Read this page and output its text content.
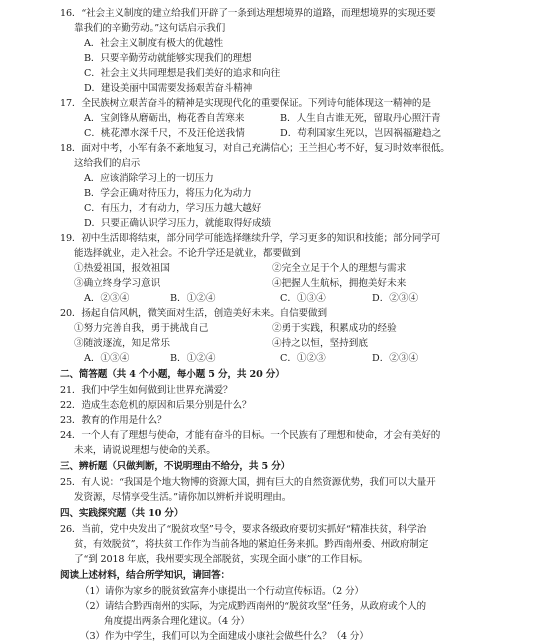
16．“社会主义制度的建立给我们开辟了一条到达理想境界的道路，而理想境界的实现还要
靠我们的辛勤劳动。”这句话启示我们
A．社会主义制度有极大的优越性
B．只要辛勤劳动就能够实现我们的理想
C．社会主义共同理想是我们美好的追求和向往
D．建设美丽中国需要发扬艰苦奋斗精神
17．全民族树立艰苦奋斗的精神是实现现代化的重要保证。下列诗句能体现这一精神的是
A．宝剑锋从磨砺出，梅花香自苦寒来	B．人生自古谁无死，留取丹心照汗青
C．桃花潭水深千尺，不及汪伦送我情	D．苟利国家生死以，岂因祸福避趋之
18．面对中考，小军有条不紊地复习，对自己充满信心；王兰担心考不好，复习时效率很低。
这给我们的启示
A．应该消除学习上的一切压力
B．学会正确对待压力，将压力化为动力
C．有压力，才有动力，学习压力越大越好
D．只要正确认识学习压力，就能取得好成绩
19．初中生活即将结束，部分同学可能选择继续升学，学习更多的知识和技能；部分同学可
能选择就业，走入社会。不论升学还是就业，都要做到
①热爱祖国，报效祖国	②完全立足于个人的理想与需求
③确立终身学习意识	④把握人生航标，拥抱美好未来
A．②③④	B．①②④	C．①③④	D．②③④
20．扬起自信风帆，微笑面对生活，创造美好未来。自信要做到
①努力完善自我，勇于挑战自己	②勇于实践，积累成功的经验
③随波逐流，知足常乐	④持之以恒，坚持到底
A．①③④	B．①②④	C．①②③	D．②③④
二、简答题（共 4 个小题，每小题 5 分，共 20 分）
21．我们中学生如何做到让世界充满爱？
22．造成生态危机的原因和后果分别是什么？
23．教育的作用是什么？
24．一个人有了理想与使命，才能有奋斗的目标。一个民族有了理想和使命，才会有美好的
未来，请说说理想与使命的关系。
三、辨析题（只做判断，不说明理由不给分，共 5 分）
25．有人说：“我国是个地大物博的资源大国，拥有巨大的自然资源优势，我们可以大量开
发资源，尽情享受生活。”请你加以辨析并说明理由。
四、实践探究题（共 10 分）
26．当前，党中央发出了“脱贫攻坚”号令，要求各级政府要切实抓好“精准扶贫，科学治
贫，有效脱贫”，将扶贫工作作为当前各地的紧迫任务来抓。黔西南州委、州政府制定
了“到 2018 年底，我州要实现全部脱贫，实现全面小康”的工作目标。
阅读上述材料，结合所学知识，请回答：
（1）请你为家乡的脱贫致富奔小康提出一个行动宣传标语。（2 分）
（2）请结合黔西南州的实际，为完成黔西南州的“脱贫攻坚”任务，从政府或个人的
角度提出两条合理化建议。（4 分）
（3）作为中学生，我们可以为全面建成小康社会做些什么？（4 分）
